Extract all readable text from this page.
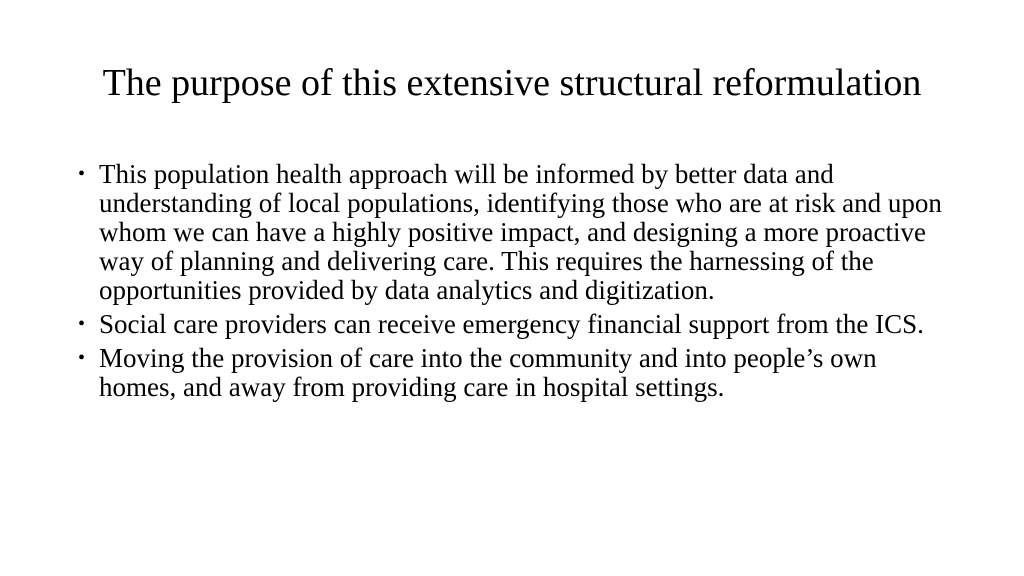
The purpose of this extensive structural reformulation
• This population health approach will be informed by better data and understanding of local populations, identifying those who are at risk and upon whom we can have a highly positive impact, and designing a more proactive way of planning and delivering care. This requires the harnessing of the opportunities provided by data analytics and digitization.
• Social care providers can receive emergency financial support from the ICS.
• Moving the provision of care into the community and into people’s own homes, and away from providing care in hospital settings.
